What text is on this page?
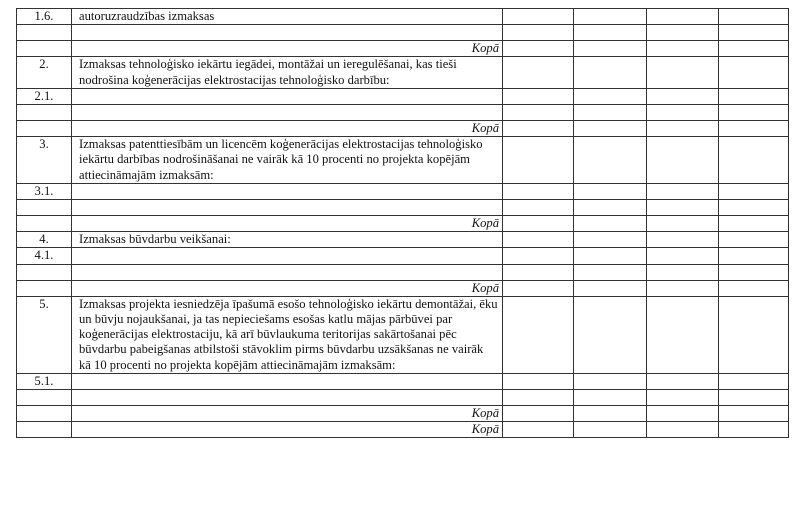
1.6.	autoruzraudzības izmaksas				

	Kopā				
2.	Izmaksas tehnoloģisko iekārtu iegādei, montāžai un ieregulēšanai, kas tieši nodrošina koģenerācijas elektrostacijas tehnoloģisko darbību:				
2.1.					

	Kopā				
3.	Izmaksas patenttiesībām un licencēm koģenerācijas elektrostacijas tehnoloģisko iekārtu darbības nodrošināšanai ne vairāk kā 10 procenti no projekta kopējām attiecināmajām izmaksām:				
3.1.					

	Kopā				
4.	Izmaksas būvdarbu veikšanai:				
4.1.					

	Kopā				
5.	Izmaksas projekta iesniedzēja īpašumā esošo tehnoloģisko iekārtu demontāžai, ēku un būvju nojaukšanai, ja tas nepieciešams esošas katlu mājas pārbūvei par koģenerācijas elektrostaciju, kā arī būvlaukuma teritorijas sakārtošanai pēc būvdarbu pabeigšanas atbilstoši stāvoklim pirms būvdarbu uzsākšanas ne vairāk kā 10 procenti no projekta kopējām attiecināmajām izmaksām:				
5.1.					

	Kopā				
	Kopā				
